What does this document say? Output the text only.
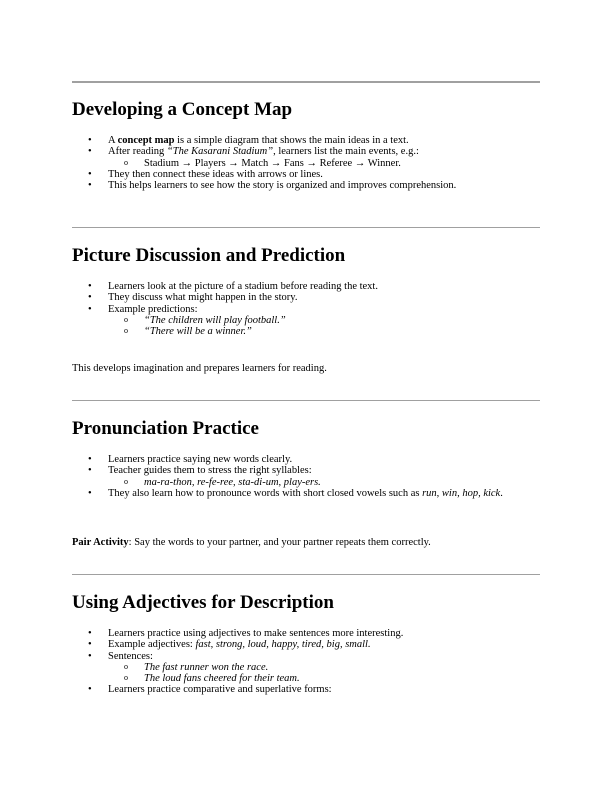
Developing a Concept Map
• A concept map is a simple diagram that shows the main ideas in a text.
• After reading “The Kasarani Stadium”, learners list the main events, e.g.:
o Stadium → Players → Match → Fans → Referee → Winner.
• They then connect these ideas with arrows or lines.
• This helps learners to see how the story is organized and improves comprehension.
Picture Discussion and Prediction
• Learners look at the picture of a stadium before reading the text.
• They discuss what might happen in the story.
• Example predictions:
o “The children will play football.”
o “There will be a winner.”

This develops imagination and prepares learners for reading.

Pronunciation Practice
• Learners practice saying new words clearly.
• Teacher guides them to stress the right syllables:
o ma-ra-thon, re-fe-ree, sta-di-um, play-ers.
• They also learn how to pronounce words with short closed vowels such as run, win, hop, kick.

Pair Activity: Say the words to your partner, and your partner repeats them correctly.

Using Adjectives for Description
• Learners practice using adjectives to make sentences more interesting.
• Example adjectives: fast, strong, loud, happy, tired, big, small.
• Sentences:
o The fast runner won the race.
o The loud fans cheered for their team.
• Learners practice comparative and superlative forms:
